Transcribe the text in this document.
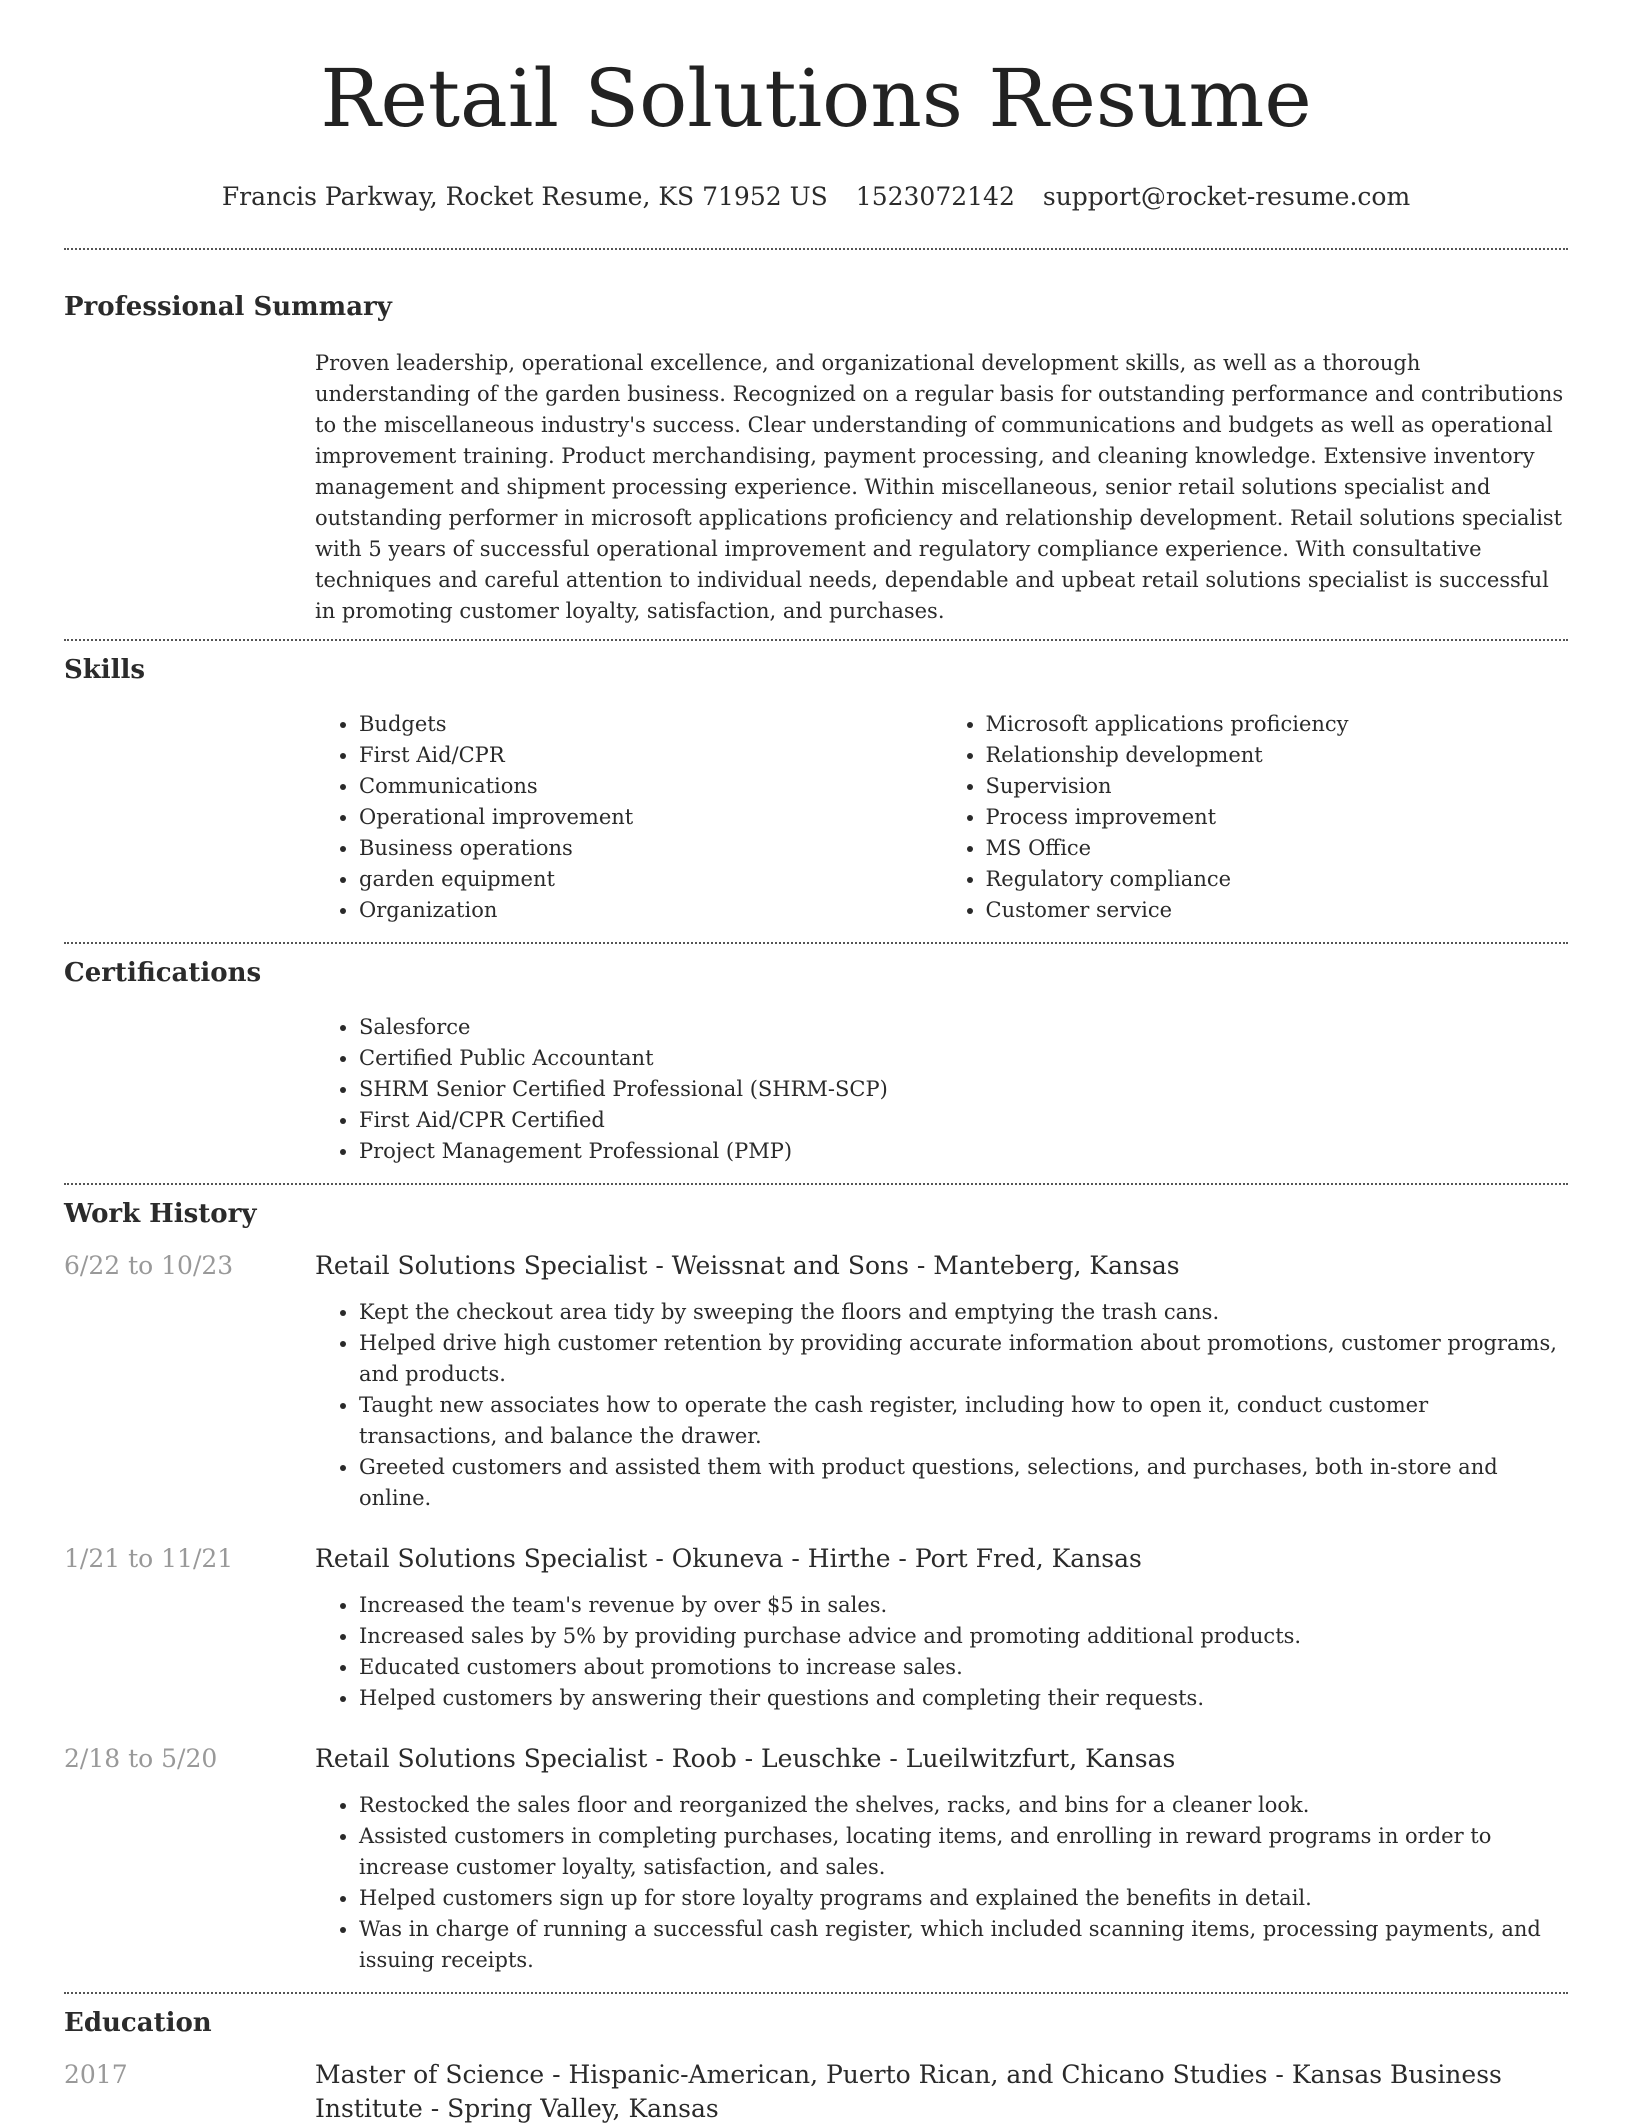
Retail Solutions Resume
Francis Parkway, Rocket Resume, KS 71952 US 1523072142 support@rocket-resume.com
Professional Summary
Proven leadership, operational excellence, and organizational development skills, as well as a thorough understanding of the garden business. Recognized on a regular basis for outstanding performance and contributions to the miscellaneous industry's success. Clear understanding of communications and budgets as well as operational improvement training. Product merchandising, payment processing, and cleaning knowledge. Extensive inventory management and shipment processing experience. Within miscellaneous, senior retail solutions specialist and outstanding performer in microsoft applications proficiency and relationship development. Retail solutions specialist with 5 years of successful operational improvement and regulatory compliance experience. With consultative techniques and careful attention to individual needs, dependable and upbeat retail solutions specialist is successful in promoting customer loyalty, satisfaction, and purchases.
Skills
• Budgets
• First Aid/CPR
• Communications
• Operational improvement
• Business operations
• garden equipment
• Organization
• Microsoft applications proficiency
• Relationship development
• Supervision
• Process improvement
• MS Office
• Regulatory compliance
• Customer service
Certifications
• Salesforce
• Certified Public Accountant
• SHRM Senior Certified Professional (SHRM-SCP)
• First Aid/CPR Certified
• Project Management Professional (PMP)
Work History
6/22 to 10/23	Retail Solutions Specialist - Weissnat and Sons - Manteberg, Kansas
• Kept the checkout area tidy by sweeping the floors and emptying the trash cans.
• Helped drive high customer retention by providing accurate information about promotions, customer programs, and products.
• Taught new associates how to operate the cash register, including how to open it, conduct customer transactions, and balance the drawer.
• Greeted customers and assisted them with product questions, selections, and purchases, both in-store and online.
1/21 to 11/21	Retail Solutions Specialist - Okuneva - Hirthe - Port Fred, Kansas
• Increased the team's revenue by over $5 in sales.
• Increased sales by 5% by providing purchase advice and promoting additional products.
• Educated customers about promotions to increase sales.
• Helped customers by answering their questions and completing their requests.
2/18 to 5/20	Retail Solutions Specialist - Roob - Leuschke - Lueilwitzfurt, Kansas
• Restocked the sales floor and reorganized the shelves, racks, and bins for a cleaner look.
• Assisted customers in completing purchases, locating items, and enrolling in reward programs in order to increase customer loyalty, satisfaction, and sales.
• Helped customers sign up for store loyalty programs and explained the benefits in detail.
• Was in charge of running a successful cash register, which included scanning items, processing payments, and issuing receipts.
Education
2017	Master of Science - Hispanic-American, Puerto Rican, and Chicano Studies - Kansas Business Institute - Spring Valley, Kansas
